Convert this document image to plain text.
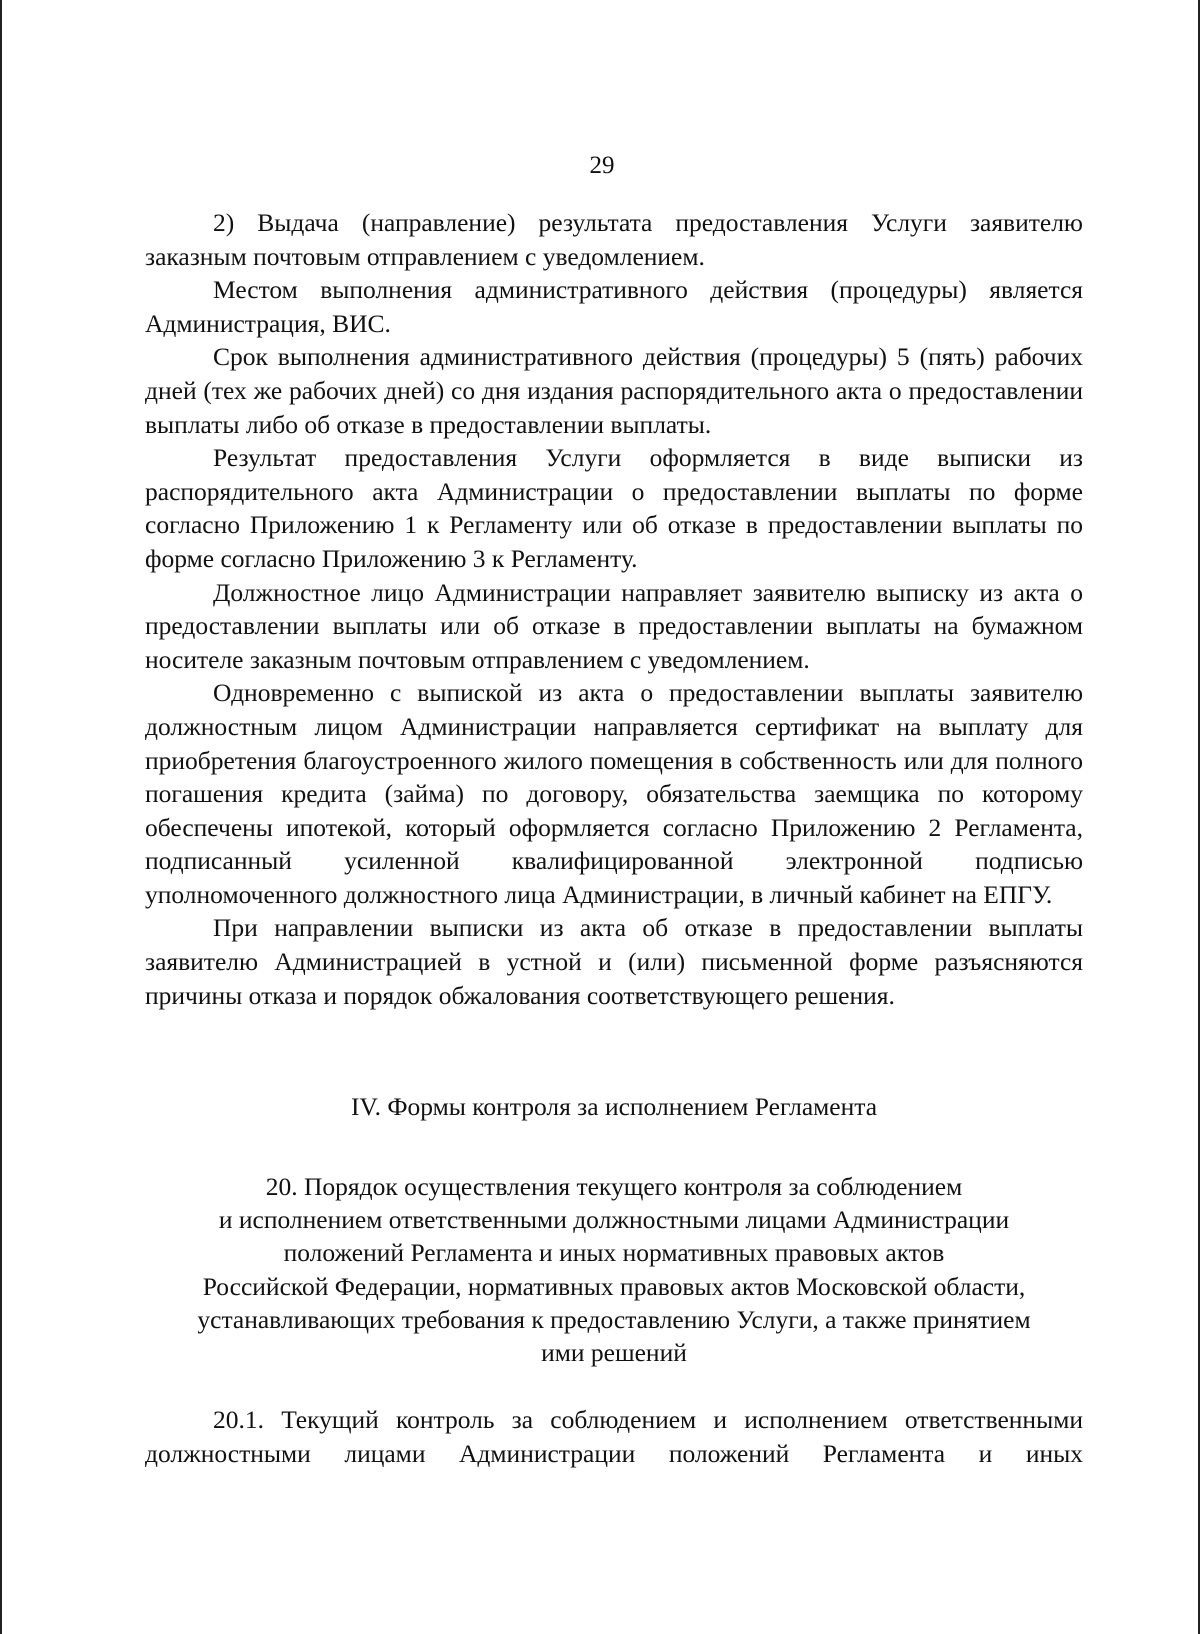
29

2) Выдача (направление) результата предоставления Услуги заявителю заказным почтовым отправлением с уведомлением.

Местом выполнения административного действия (процедуры) является Администрация, ВИС.

Срок выполнения административного действия (процедуры) 5 (пять) рабочих дней (тех же рабочих дней) со дня издания распорядительного акта о предоставлении выплаты либо об отказе в предоставлении выплаты.

Результат предоставления Услуги оформляется в виде выписки из распорядительного акта Администрации о предоставлении выплаты по форме согласно Приложению 1 к Регламенту или об отказе в предоставлении выплаты по форме согласно Приложению 3 к Регламенту.

Должностное лицо Администрации направляет заявителю выписку из акта о предоставлении выплаты или об отказе в предоставлении выплаты на бумажном носителе заказным почтовым отправлением с уведомлением.

Одновременно с выпиской из акта о предоставлении выплаты заявителю должностным лицом Администрации направляется сертификат на выплату для приобретения благоустроенного жилого помещения в собственность или для полного погашения кредита (займа) по договору, обязательства заемщика по которому обеспечены ипотекой, который оформляется согласно Приложению 2 Регламента, подписанный усиленной квалифицированной электронной подписью уполномоченного должностного лица Администрации, в личный кабинет на ЕПГУ.

При направлении выписки из акта об отказе в предоставлении выплаты заявителю Администрацией в устной и (или) письменной форме разъясняются причины отказа и порядок обжалования соответствующего решения.

IV. Формы контроля за исполнением Регламента
20. Порядок осуществления текущего контроля за соблюдением
и исполнением ответственными должностными лицами Администрации
положений Регламента и иных нормативных правовых актов
Российской Федерации, нормативных правовых актов Московской области,
устанавливающих требования к предоставлению Услуги, а также принятием
ими решений

20.1. Текущий контроль за соблюдением и исполнением ответственными должностными лицами Администрации положений Регламента и иных
